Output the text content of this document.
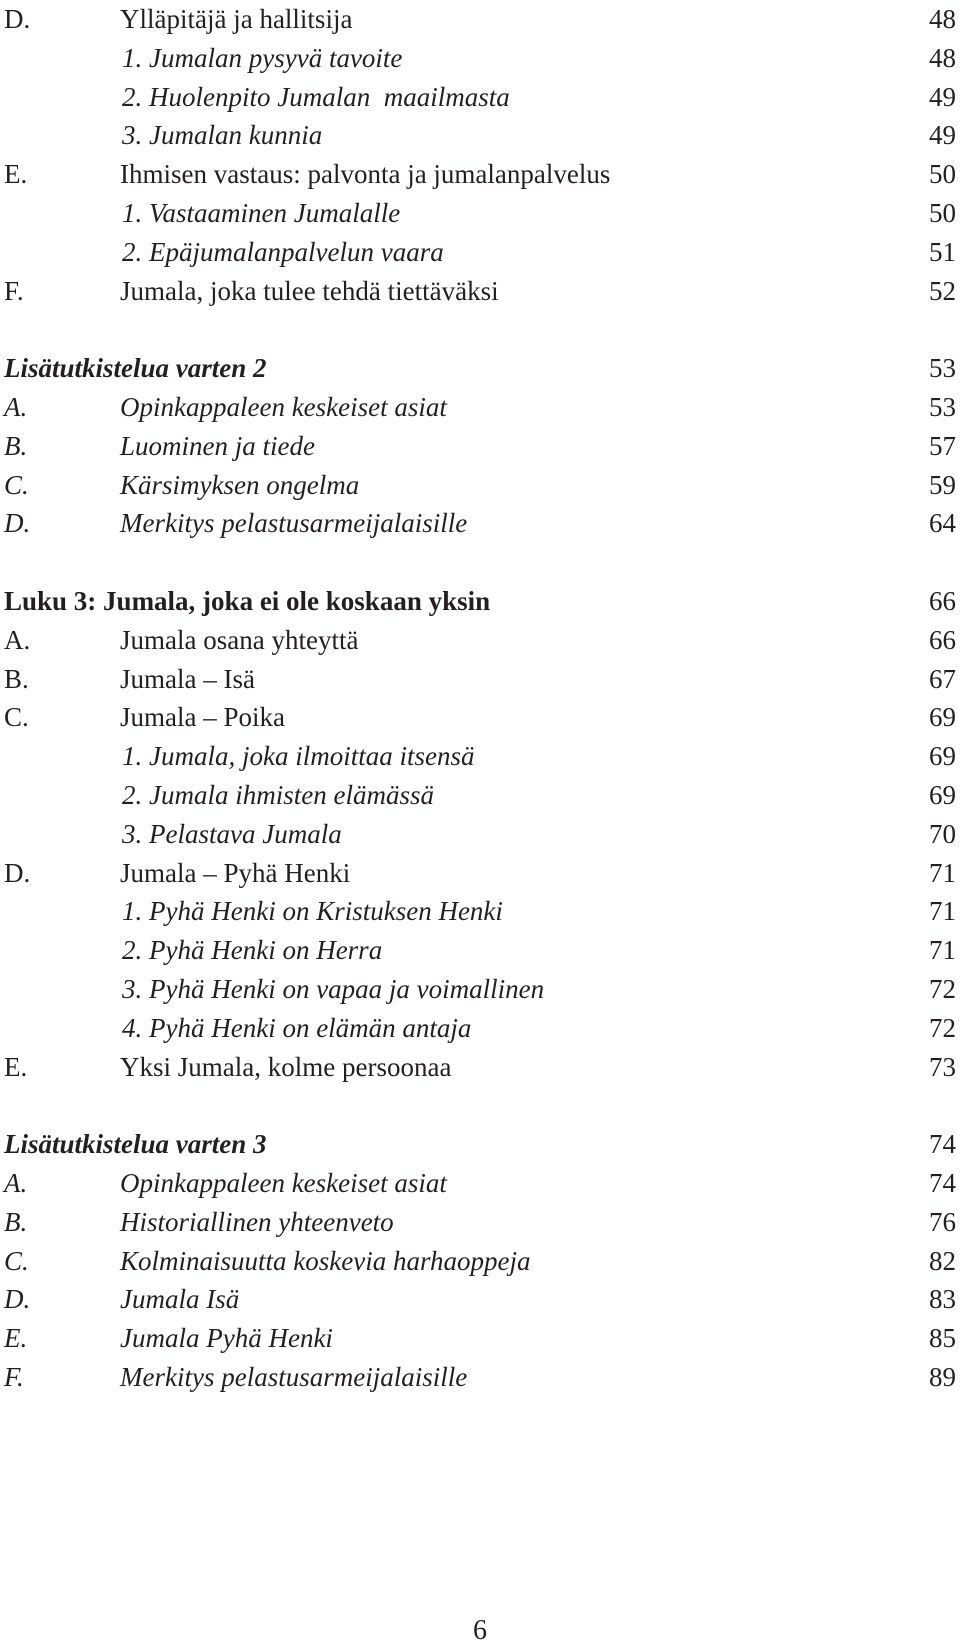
D.	Ylläpitäjä ja hallitsija	48
1. Jumalan pysyvä tavoite	48
2. Huolenpito Jumalan  maailmasta	49
3. Jumalan kunnia	49
E.	Ihmisen vastaus: palvonta ja jumalanpalvelus	50
1. Vastaaminen Jumalalle	50
2. Epäjumalanpalvelun vaara	51
F.	Jumala, joka tulee tehdä tiettäväksi	52
Lisätutkistelua varten 2	53
A.	Opinkappaleen keskeiset asiat	53
B.	Luominen ja tiede	57
C.	Kärsimyksen ongelma	59
D.	Merkitys pelastusarmeijalaisille	64
Luku 3: Jumala, joka ei ole koskaan yksin	66
A.	Jumala osana yhteyttä	66
B.	Jumala – Isä	67
C.	Jumala – Poika	69
1. Jumala, joka ilmoittaa itsensä	69
2. Jumala ihmisten elämässä	69
3. Pelastava Jumala	70
D.	Jumala – Pyhä Henki	71
1. Pyhä Henki on Kristuksen Henki	71
2. Pyhä Henki on Herra	71
3. Pyhä Henki on vapaa ja voimallinen	72
4. Pyhä Henki on elämän antaja	72
E.	Yksi Jumala, kolme persoonaa	73
Lisätutkistelua varten 3	74
A.	Opinkappaleen keskeiset asiat	74
B.	Historiallinen yhteenveto	76
C.	Kolminaisuutta koskevia harhaoppeja	82
D.	Jumala Isä	83
E.	Jumala Pyhä Henki	85
F.	Merkitys pelastusarmeijalaisille	89
6
